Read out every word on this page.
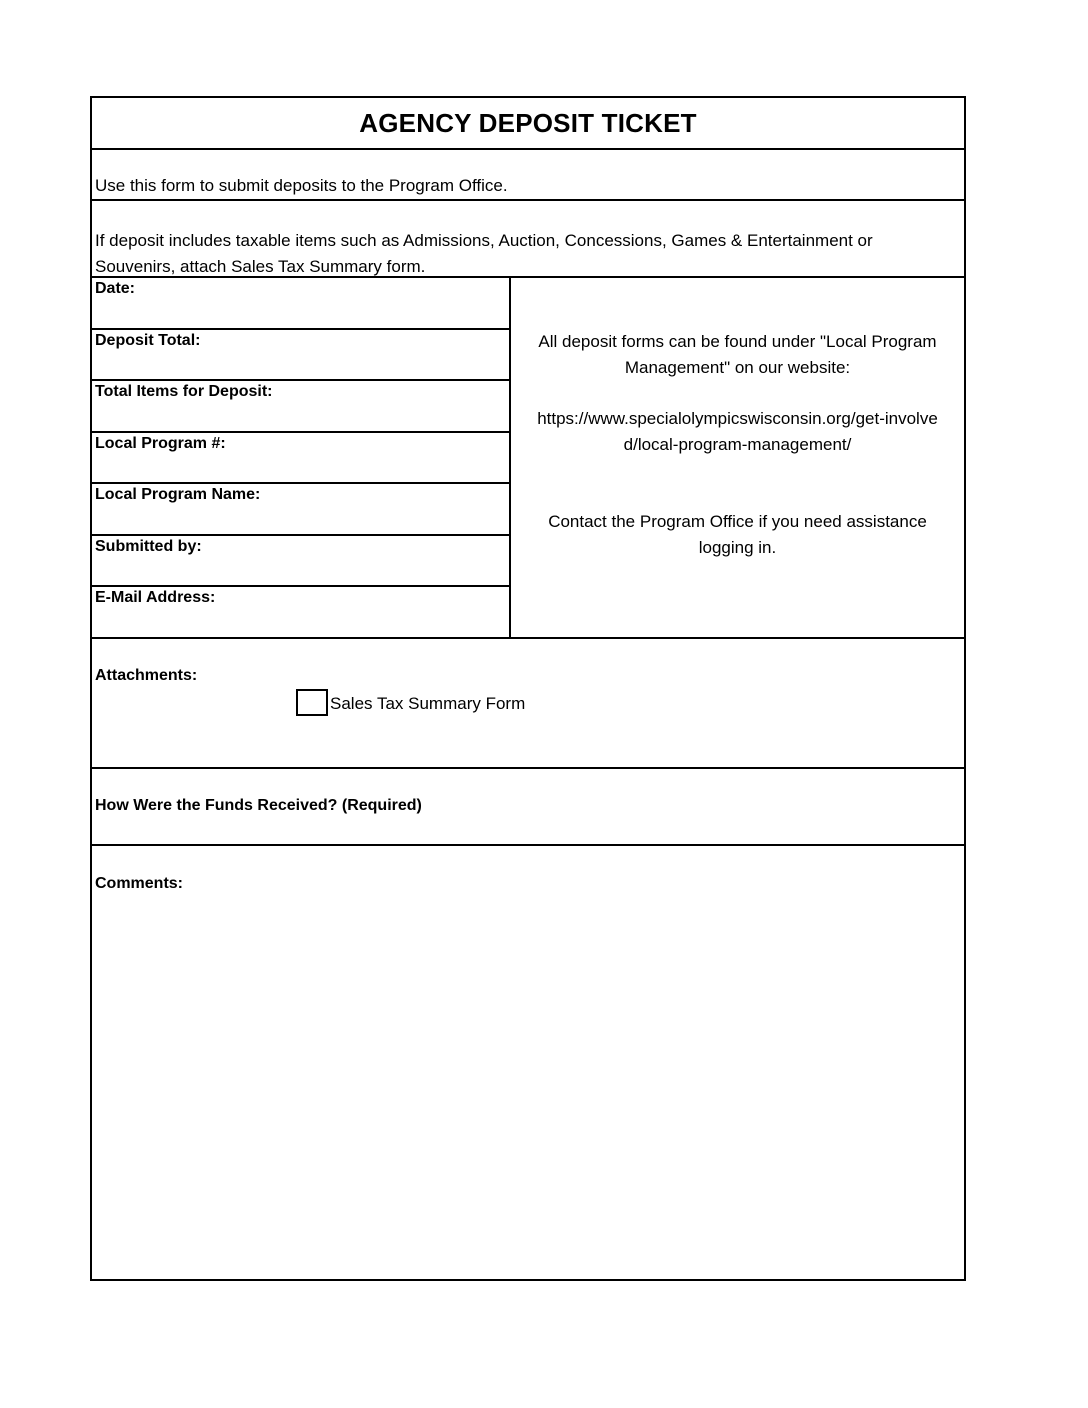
AGENCY DEPOSIT TICKET
Use this form to submit deposits to the Program Office.
If deposit includes taxable items such as Admissions, Auction, Concessions, Games & Entertainment or Souvenirs, attach Sales Tax Summary form.
Date:
Deposit Total:
Total Items for Deposit:
Local Program #:
Local Program Name:
Submitted by:
E-Mail Address:
All deposit forms can be found under "Local Program Management" on our website:
https://www.specialolympicswisconsin.org/get-involved/local-program-management/
Contact the Program Office if you need assistance logging in.
Attachments:
Sales Tax Summary Form
How Were the Funds Received? (Required)
Comments:
